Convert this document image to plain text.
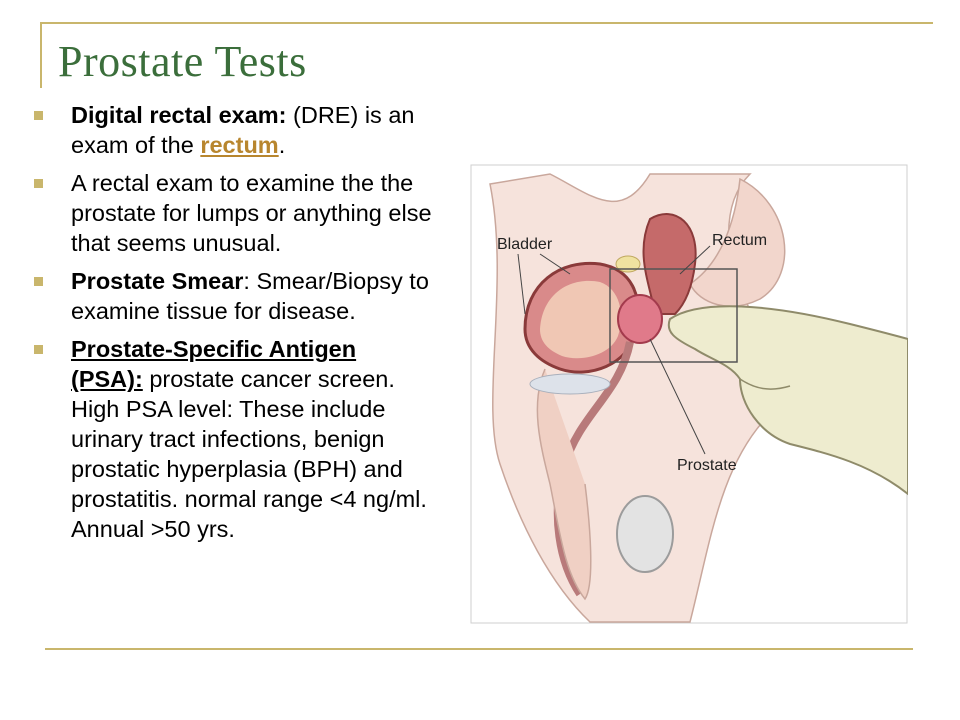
Prostate Tests
Digital rectal exam: (DRE) is an exam of the rectum.
A rectal exam to examine the the prostate for lumps or anything else that seems unusual.
Prostate Smear: Smear/Biopsy to examine tissue for disease.
Prostate-Specific Antigen (PSA): prostate cancer screen. High PSA level: These include urinary tract infections, benign prostatic hyperplasia (BPH) and prostatitis. normal range <4 ng/ml. Annual >50 yrs.
Bladder	Rectum
Prostate
